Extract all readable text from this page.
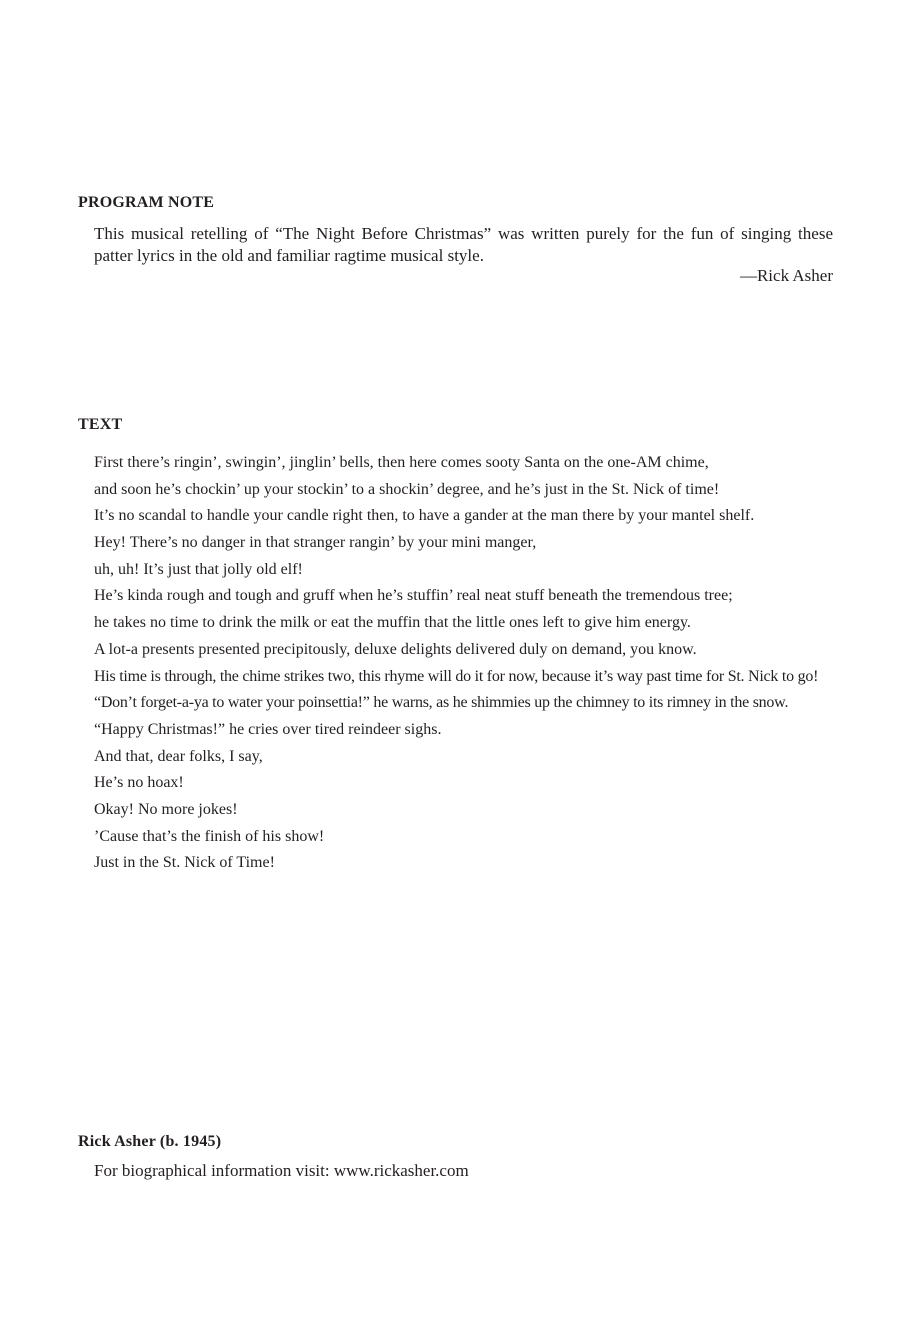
PROGRAM NOTE
This musical retelling of “The Night Before Christmas” was written purely for the fun of singing these
patter lyrics in the old and familiar ragtime musical style.

—Rick Asher

TEXT
First there’s ringin’, swingin’, jinglin’ bells, then here comes sooty Santa on the one-AM chime,
and soon he’s chockin’ up your stockin’ to a shockin’ degree, and he’s just in the St. Nick of time!
It’s no scandal to handle your candle right then, to have a gander at the man there by your mantel shelf.
Hey! There’s no danger in that stranger rangin’ by your mini manger,
uh, uh! It’s just that jolly old elf!
He’s kinda rough and tough and gruff when he’s stuffin’ real neat stuff beneath the tremendous tree;
he takes no time to drink the milk or eat the muffin that the little ones left to give him energy.
A lot-a presents presented precipitously, deluxe delights delivered duly on demand, you know.
His time is through, the chime strikes two, this rhyme will do it for now, because it’s way past time for St. Nick to go!
“Don’t forget-a-ya to water your poinsettia!” he warns, as he shimmies up the chimney to its rimney in the snow.
“Happy Christmas!” he cries over tired reindeer sighs.
And that, dear folks, I say,
He’s no hoax!
Okay! No more jokes!
’Cause that’s the finish of his show!
Just in the St. Nick of Time!
Rick Asher (b. 1945)

For biographical information visit: www.rickasher.com
